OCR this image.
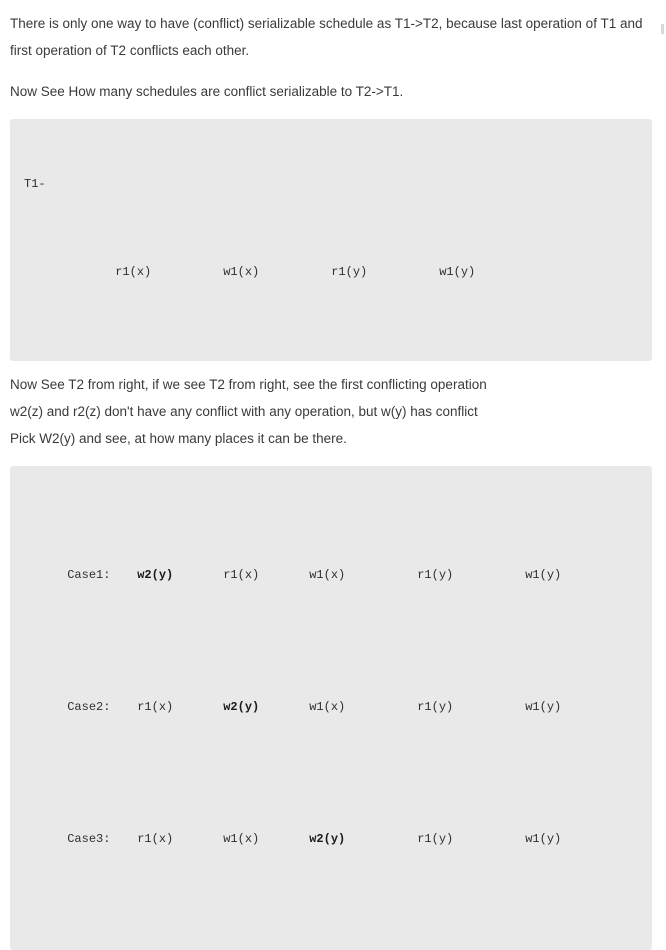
There is only one way to have (conflict) serializable schedule as T1->T2, because last operation of T1 and first operation of T2 conflicts each other.

Now See How many schedules are conflict serializable to T2->T1.

T1-

r1(x)	w1(x)	r1(y)	w1(y)

Now See T2 from right, if we see T2 from right, see the first conflicting operation

w2(z) and r2(z) don't have any conflict with any operation, but w(y) has conflict

Pick W2(y) and see, at how many places it can be there.

Case1: w2(y)	r1(x)	w1(x)	r1(y)	w1(y)

Case2: r1(x)	w2(y)	w1(x)	r1(y)	w1(y)

Case3: r1(x)	w1(x)	w2(y)	r1(y)	w1(y)
